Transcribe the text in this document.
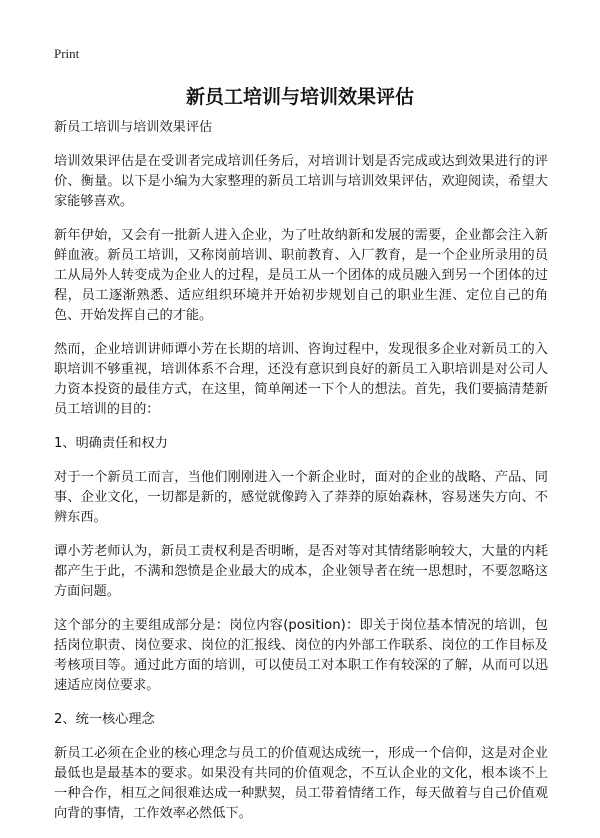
Print
新员工培训与培训效果评估

新员工培训与培训效果评估

培训效果评估是在受训者完成培训任务后，对培训计划是否完成或达到效果进行的评价、衡量。以下是小编为大家整理的新员工培训与培训效果评估，欢迎阅读，希望大家能够喜欢。

新年伊始，又会有一批新人进入企业，为了吐故纳新和发展的需要，企业都会注入新鲜血液。新员工培训，又称岗前培训、职前教育、入厂教育，是一个企业所录用的员工从局外人转变成为企业人的过程，是员工从一个团体的成员融入到另一个团体的过程，员工逐渐熟悉、适应组织环境并开始初步规划自己的职业生涯、定位自己的角色、开始发挥自己的才能。

然而，企业培训讲师谭小芳在长期的培训、咨询过程中，发现很多企业对新员工的入职培训不够重视，培训体系不合理，还没有意识到良好的新员工入职培训是对公司人力资本投资的最佳方式，在这里，简单阐述一下个人的想法。首先，我们要搞清楚新员工培训的目的：

1、明确责任和权力

对于一个新员工而言，当他们刚刚进入一个新企业时，面对的企业的战略、产品、同事、企业文化，一切都是新的，感觉就像跨入了莽莽的原始森林，容易迷失方向、不辨东西。

谭小芳老师认为，新员工责权利是否明晰，是否对等对其情绪影响较大，大量的内耗都产生于此，不满和怨愤是企业最大的成本，企业领导者在统一思想时，不要忽略这方面问题。

这个部分的主要组成部分是：岗位内容(position)：即关于岗位基本情况的培训，包括岗位职责、岗位要求、岗位的汇报线、岗位的内外部工作联系、岗位的工作目标及考核项目等。通过此方面的培训，可以使员工对本职工作有较深的了解，从而可以迅速适应岗位要求。

2、统一核心理念

新员工必须在企业的核心理念与员工的价值观达成统一，形成一个信仰，这是对企业最低也是最基本的要求。如果没有共同的价值观念，不互认企业的文化，根本谈不上一种合作，相互之间很难达成一种默契，员工带着情绪工作，每天做着与自己价值观向背的事情，工作效率必然低下。
